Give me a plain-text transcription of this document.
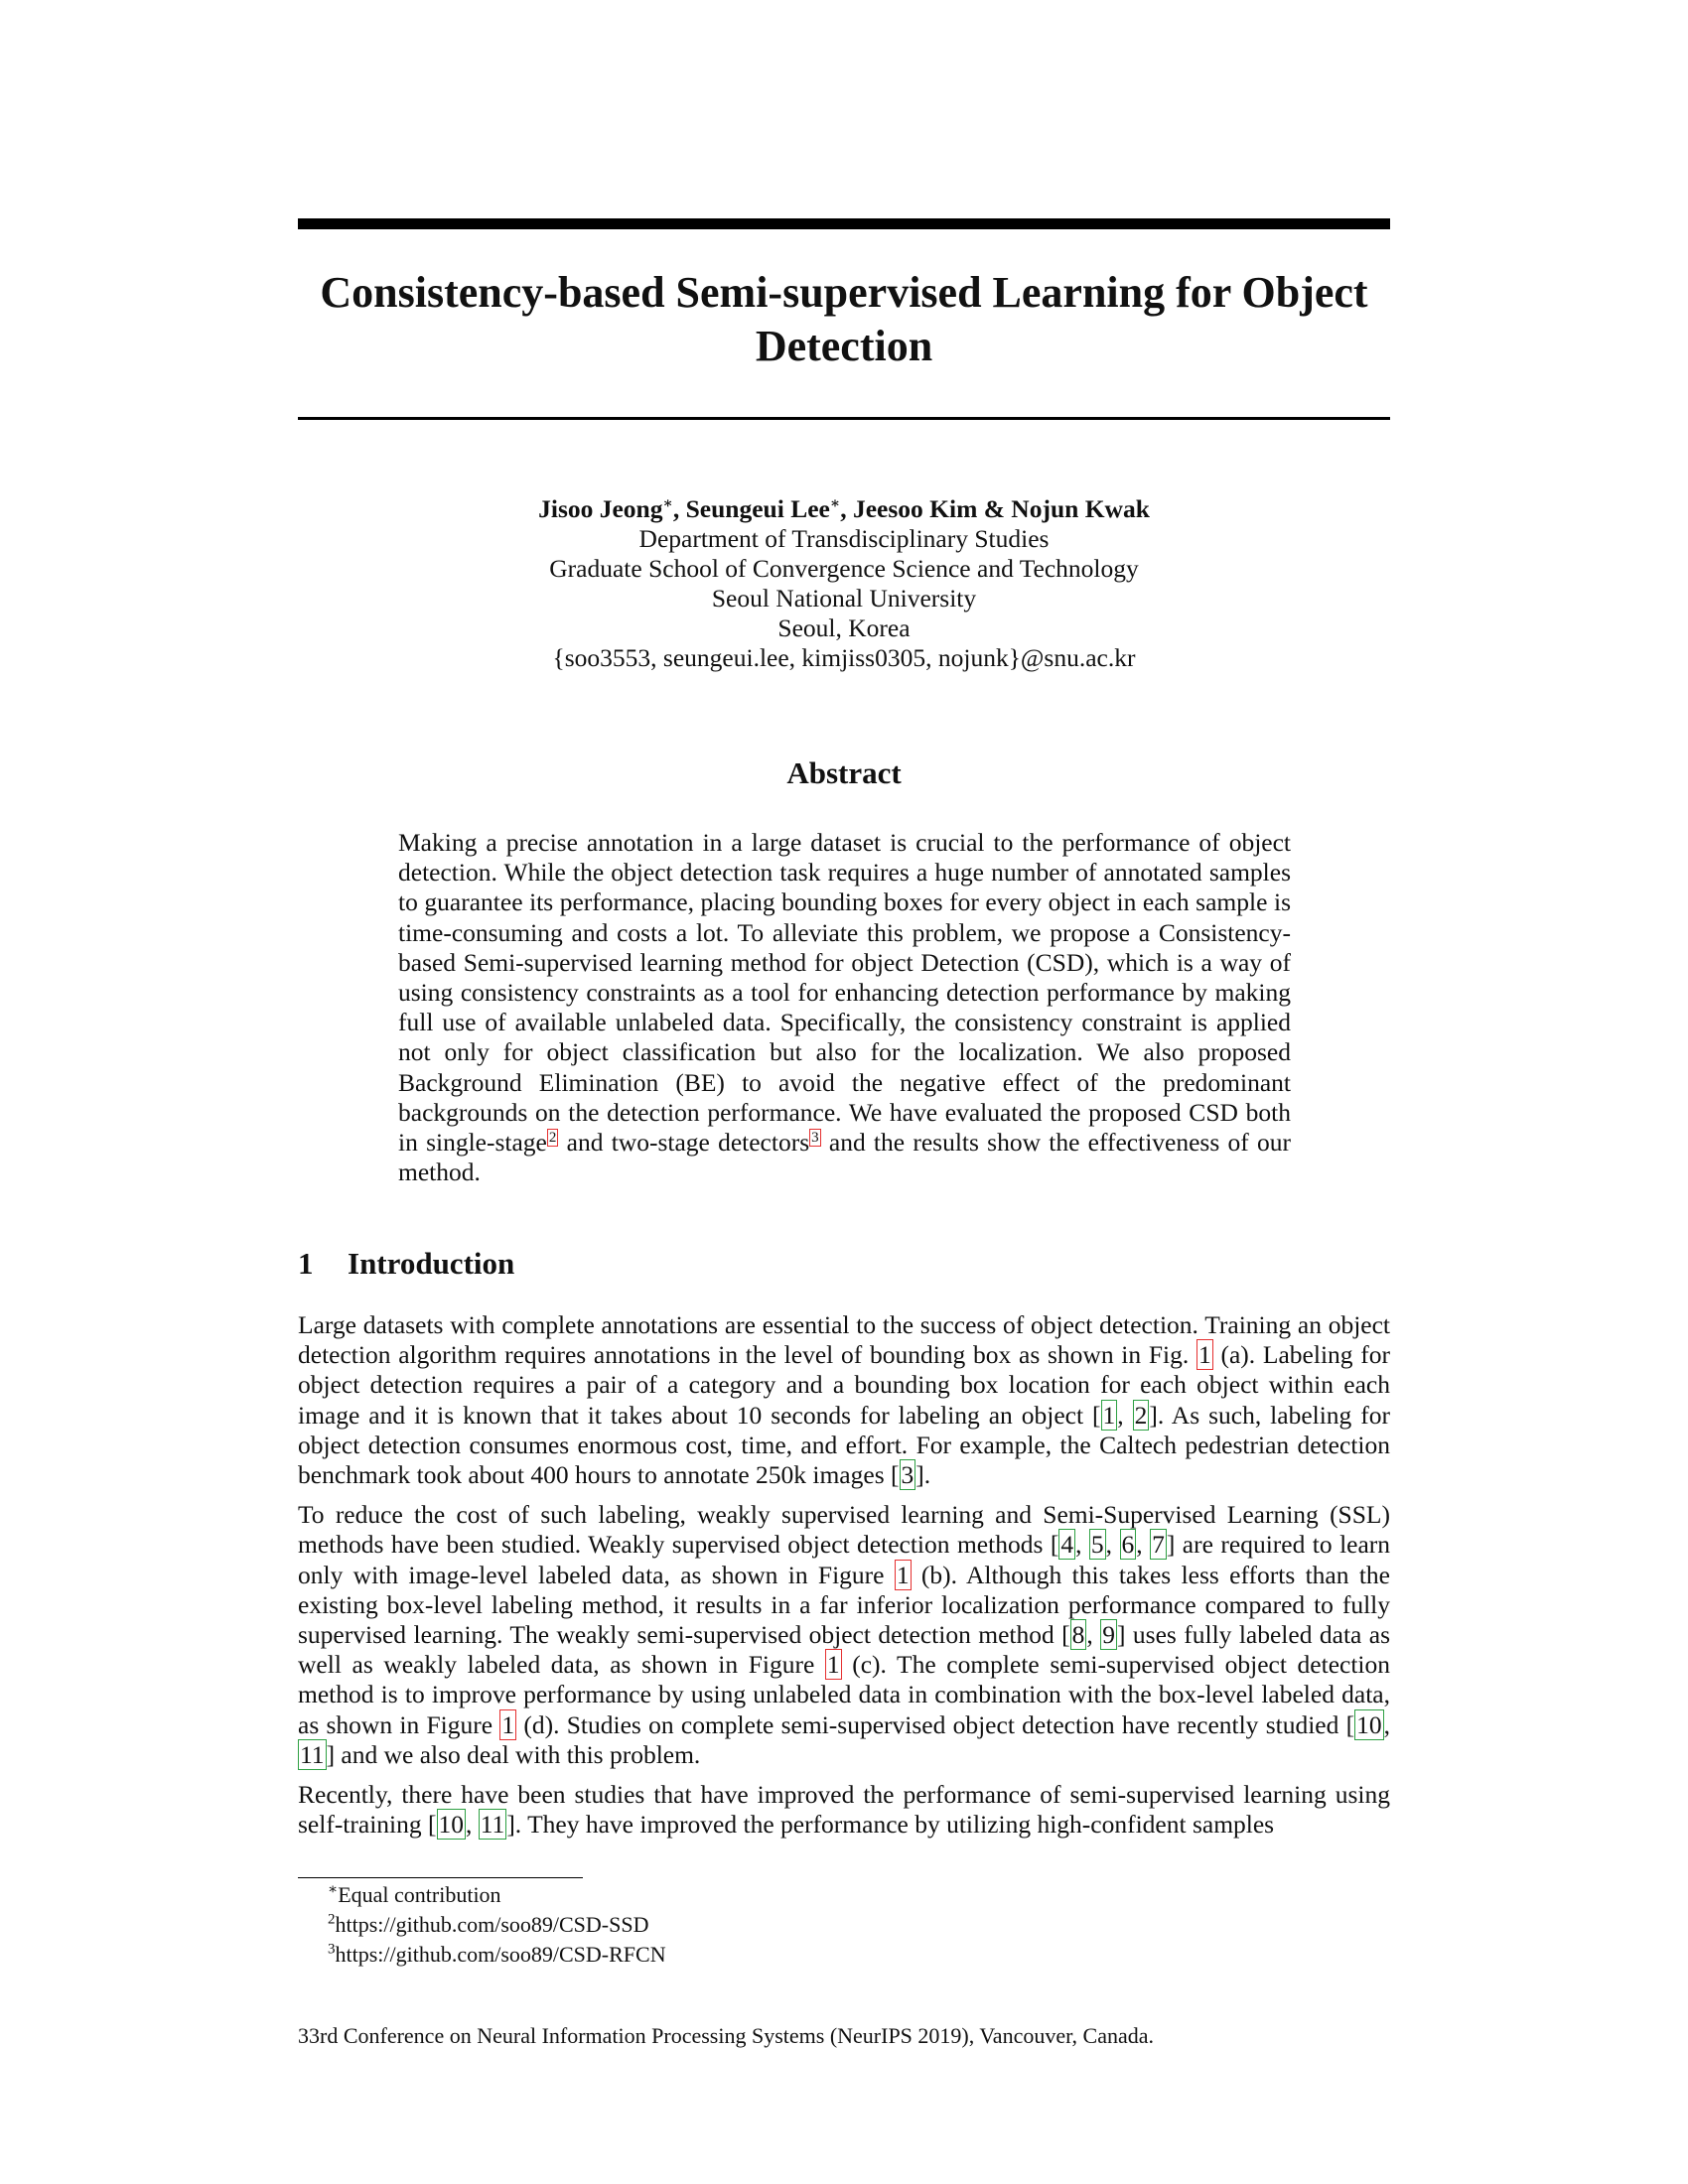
Consistency-based Semi-supervised Learning for Object Detection
Jisoo Jeong∗, Seungeui Lee∗, Jeesoo Kim & Nojun Kwak
Department of Transdisciplinary Studies
Graduate School of Convergence Science and Technology
Seoul National University
Seoul, Korea
{soo3553, seungeui.lee, kimjiss0305, nojunk}@snu.ac.kr
Abstract
Making a precise annotation in a large dataset is crucial to the performance of object detection. While the object detection task requires a huge number of annotated samples to guarantee its performance, placing bounding boxes for every object in each sample is time-consuming and costs a lot. To alleviate this problem, we propose a Consistency-based Semi-supervised learning method for object Detection (CSD), which is a way of using consistency constraints as a tool for enhancing detection performance by making full use of available unlabeled data. Specifically, the consistency constraint is applied not only for object classification but also for the localization. We also proposed Background Elimination (BE) to avoid the negative effect of the predominant backgrounds on the detection performance. We have evaluated the proposed CSD both in single-stage $^2$ and two-stage detectors $^3$ and the results show the effectiveness of our method.
1 Introduction

Large datasets with complete annotations are essential to the success of object detection. Training an object detection algorithm requires annotations in the level of bounding box as shown in Fig. 1 (a). Labeling for object detection requires a pair of a category and a bounding box location for each object within each image and it is known that it takes about 10 seconds for labeling an object [1, 2]. As such, labeling for object detection consumes enormous cost, time, and effort. For example, the Caltech pedestrian detection benchmark took about 400 hours to annotate 250k images [3].

To reduce the cost of such labeling, weakly supervised learning and Semi-Supervised Learning (SSL) methods have been studied. Weakly supervised object detection methods [4, 5, 6, 7] are required to learn only with image-level labeled data, as shown in Figure 1 (b). Although this takes less efforts than the existing box-level labeling method, it results in a far inferior localization performance compared to fully supervised learning. The weakly semi-supervised object detection method [8, 9] uses fully labeled data as well as weakly labeled data, as shown in Figure 1 (c). The complete semi-supervised object detection method is to improve performance by using unlabeled data in combination with the box-level labeled data, as shown in Figure 1 (d). Studies on complete semi-supervised object detection have recently studied [10, 11] and we also deal with this problem.

Recently, there have been studies that have improved the performance of semi-supervised learning using self-training [10, 11]. They have improved the performance by utilizing high-confident samples

∗Equal contribution
$^2$https://github.com/soo89/CSD-SSD
$^3$https://github.com/soo89/CSD-RFCN
33rd Conference on Neural Information Processing Systems (NeurIPS 2019), Vancouver, Canada.
